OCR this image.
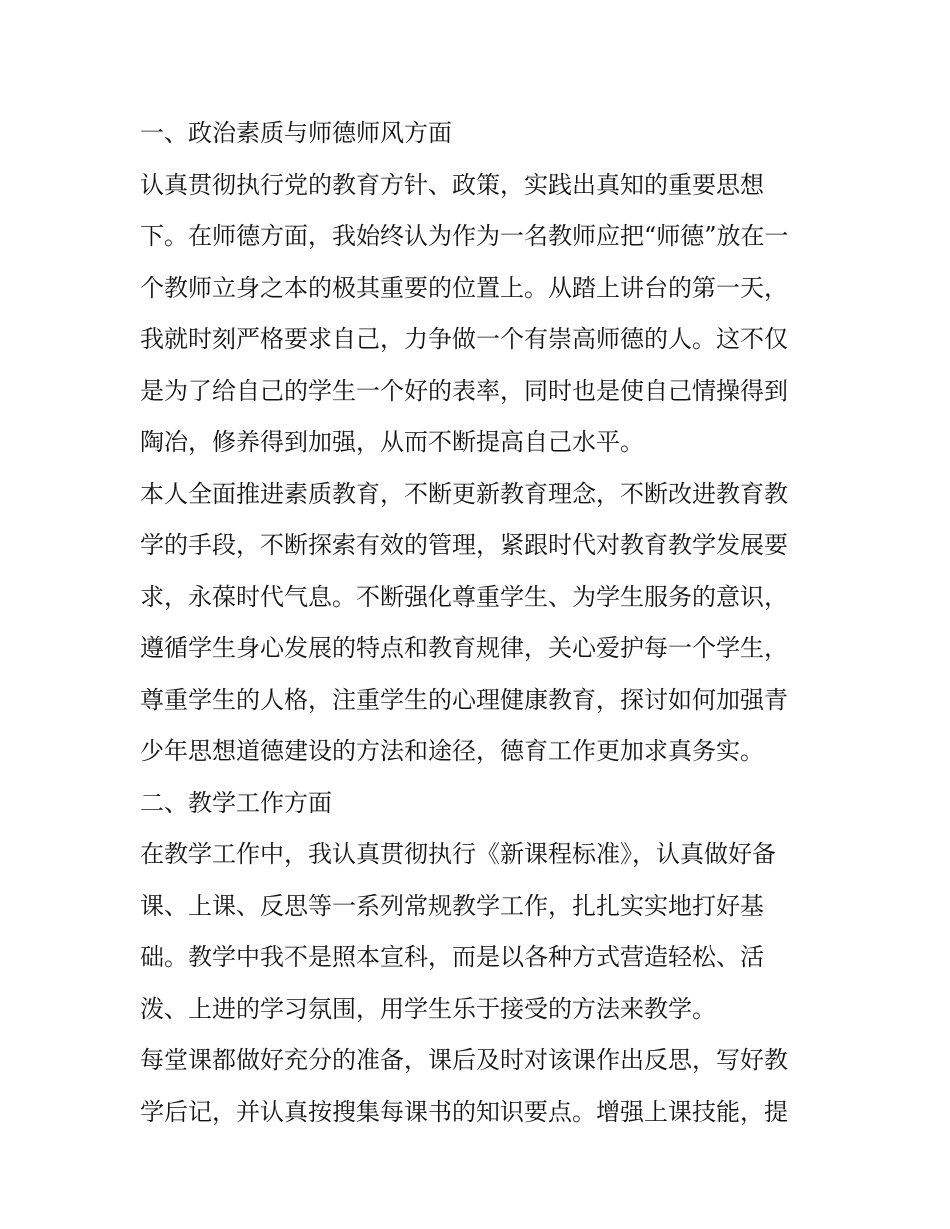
一、政治素质与师德师风方面
认真贯彻执行党的教育方针、政策，实践出真知的重要思想
下。在师德方面，我始终认为作为一名教师应把“师德”放在一
个教师立身之本的极其重要的位置上。从踏上讲台的第一天，
我就时刻严格要求自己，力争做一个有崇高师德的人。这不仅
是为了给自己的学生一个好的表率，同时也是使自己情操得到
陶冶，修养得到加强，从而不断提高自己水平。
本人全面推进素质教育，不断更新教育理念，不断改进教育教
学的手段，不断探索有效的管理，紧跟时代对教育教学发展要
求，永葆时代气息。不断强化尊重学生、为学生服务的意识，
遵循学生身心发展的特点和教育规律，关心爱护每一个学生，
尊重学生的人格，注重学生的心理健康教育，探讨如何加强青
少年思想道德建设的方法和途径，德育工作更加求真务实。
二、教学工作方面
在教学工作中，我认真贯彻执行《新课程标准》，认真做好备
课、上课、反思等一系列常规教学工作，扎扎实实地打好基
础。教学中我不是照本宣科，而是以各种方式营造轻松、活
泼、上进的学习氛围，用学生乐于接受的方法来教学。
每堂课都做好充分的准备，课后及时对该课作出反思，写好教
学后记，并认真按搜集每课书的知识要点。增强上课技能，提
